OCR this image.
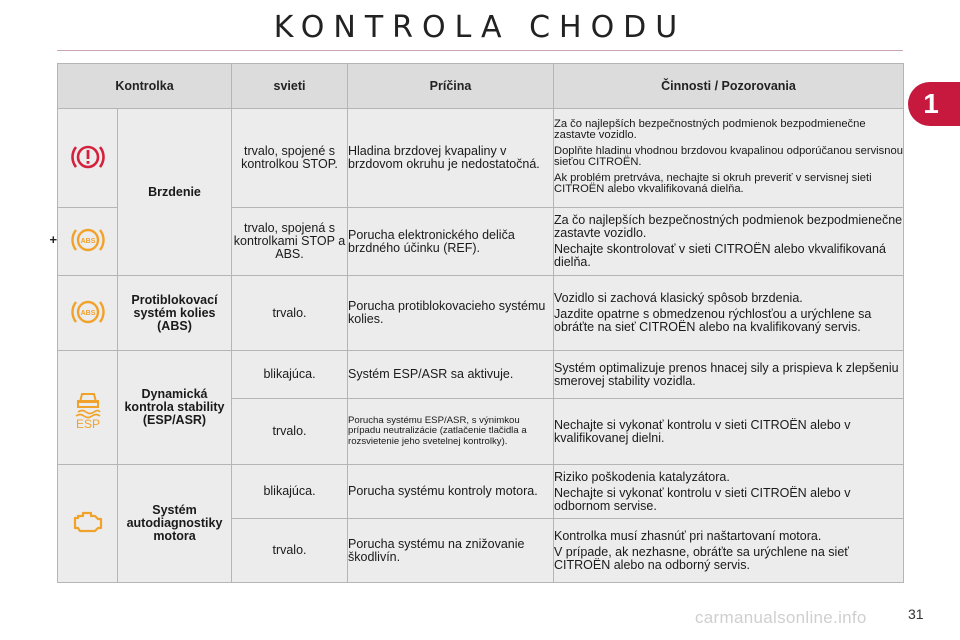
KONTROLA CHODU
1
Kontrolka		svieti	Príčina	Činnosti / Pozorovania
	Brzdenie	trvalo, spojené s kontrolkou STOP.	Hladina brzdovej kvapaliny v brzdovom okruhu je nedostatočná.	Za čo najlepších bezpečnostných podmienok bezpodmienečne zastavte vozidlo.
Doplňte hladinu vhodnou brzdovou kvapalinou odporúčanou servisnou sieťou CITROËN.
Ak problém pretrváva, nechajte si okruh preveriť v servisnej sieti CITROËN alebo vkvalifikovaná dielňa.

+ ABS		trvalo, spojená s kontrolkami STOP a ABS.	Porucha elektronického deliča brzdného účinku (REF).	Za čo najlepších bezpečnostných podmienok bezpodmienečne zastavte vozidlo.
Nechajte skontrolovať v sieti CITROËN alebo vkvalifikovaná dielňa.

ABS	Protiblokovací systém kolies (ABS)	trvalo.	Porucha protiblokovacieho systému kolies.	Vozidlo si zachová klasický spôsob brzdenia.
Jazdite opatrne s obmedzenou rýchlosťou a urýchlene sa obráťte na sieť CITROËN alebo na kvalifikovaný servis.

ESP	Dynamická kontrola stability (ESP/ASR)	blikajúca.	Systém ESP/ASR sa aktivuje.	Systém optimalizuje prenos hnacej sily a prispieva k zlepšeniu smerovej stability vozidla.

		trvalo.	Porucha systému ESP/ASR, s výnimkou prípadu neutralizácie (zatlačenie tlačidla a rozsvietenie jeho svetelnej kontrolky).	Nechajte si vykonať kontrolu v sieti CITROËN alebo v kvalifikovanej dielni.

	Systém autodiagnostiky motora	blikajúca.	Porucha systému kontroly motora.	Riziko poškodenia katalyzátora.
Nechajte si vykonať kontrolu v sieti CITROËN alebo v odbornom servise.

		trvalo.	Porucha systému na znižovanie škodlivín.	Kontrolka musí zhasnúť pri naštartovaní motora.
V prípade, ak nezhasne, obráťte sa urýchlene na sieť CITROËN alebo na odborný servis.
carmanualsonline.info	31
